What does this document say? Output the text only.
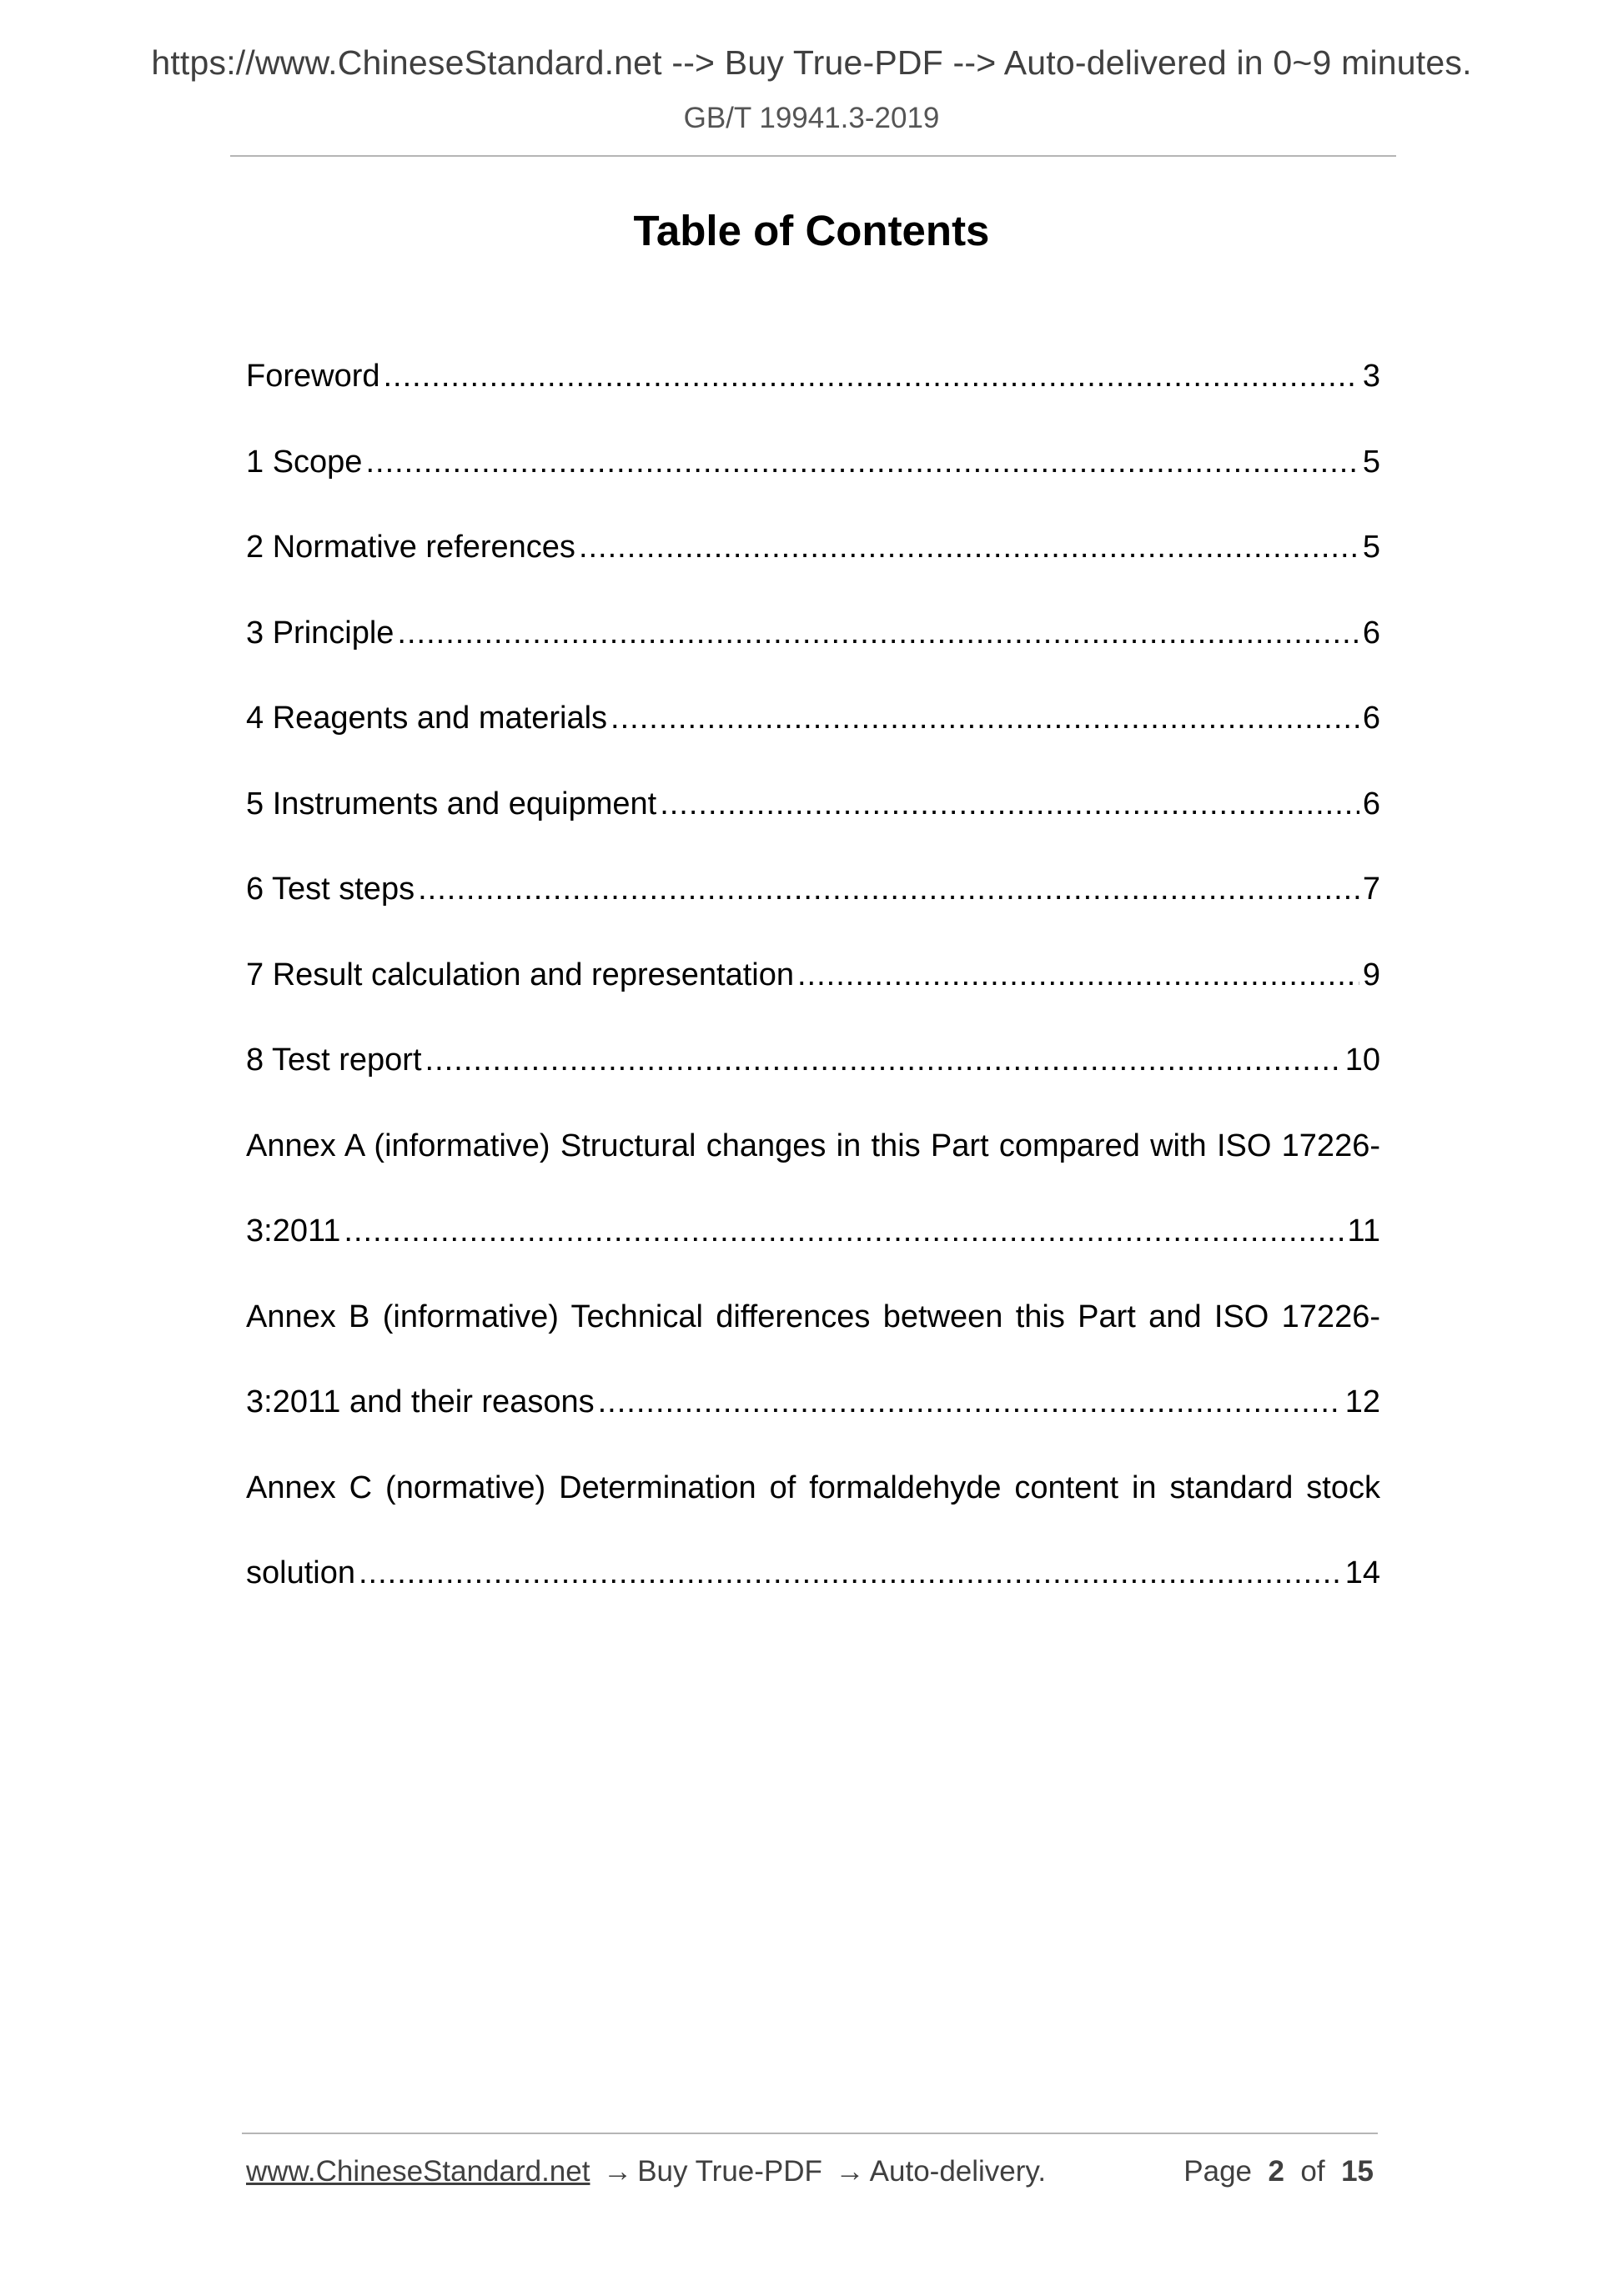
https://www.ChineseStandard.net --> Buy True-PDF --> Auto-delivered in 0~9 minutes.
GB/T 19941.3-2019
Table of Contents
Foreword .....	3
1 Scope .....	5
2 Normative references .....	5
3 Principle .....	6
4 Reagents and materials .....	6
5 Instruments and equipment .....	6
6 Test steps .....	7
7 Result calculation and representation .....	9
8 Test report .....	10
Annex A (informative) Structural changes in this Part compared with ISO 17226-
3:2011 .....	11
Annex B (informative) Technical differences between this Part and ISO 17226-
3:2011 and their reasons .....	12
Annex C (normative) Determination of formaldehyde content in standard stock
solution .....	14
www.ChineseStandard.net → Buy True-PDF → Auto-delivery.	Page 2 of 15
